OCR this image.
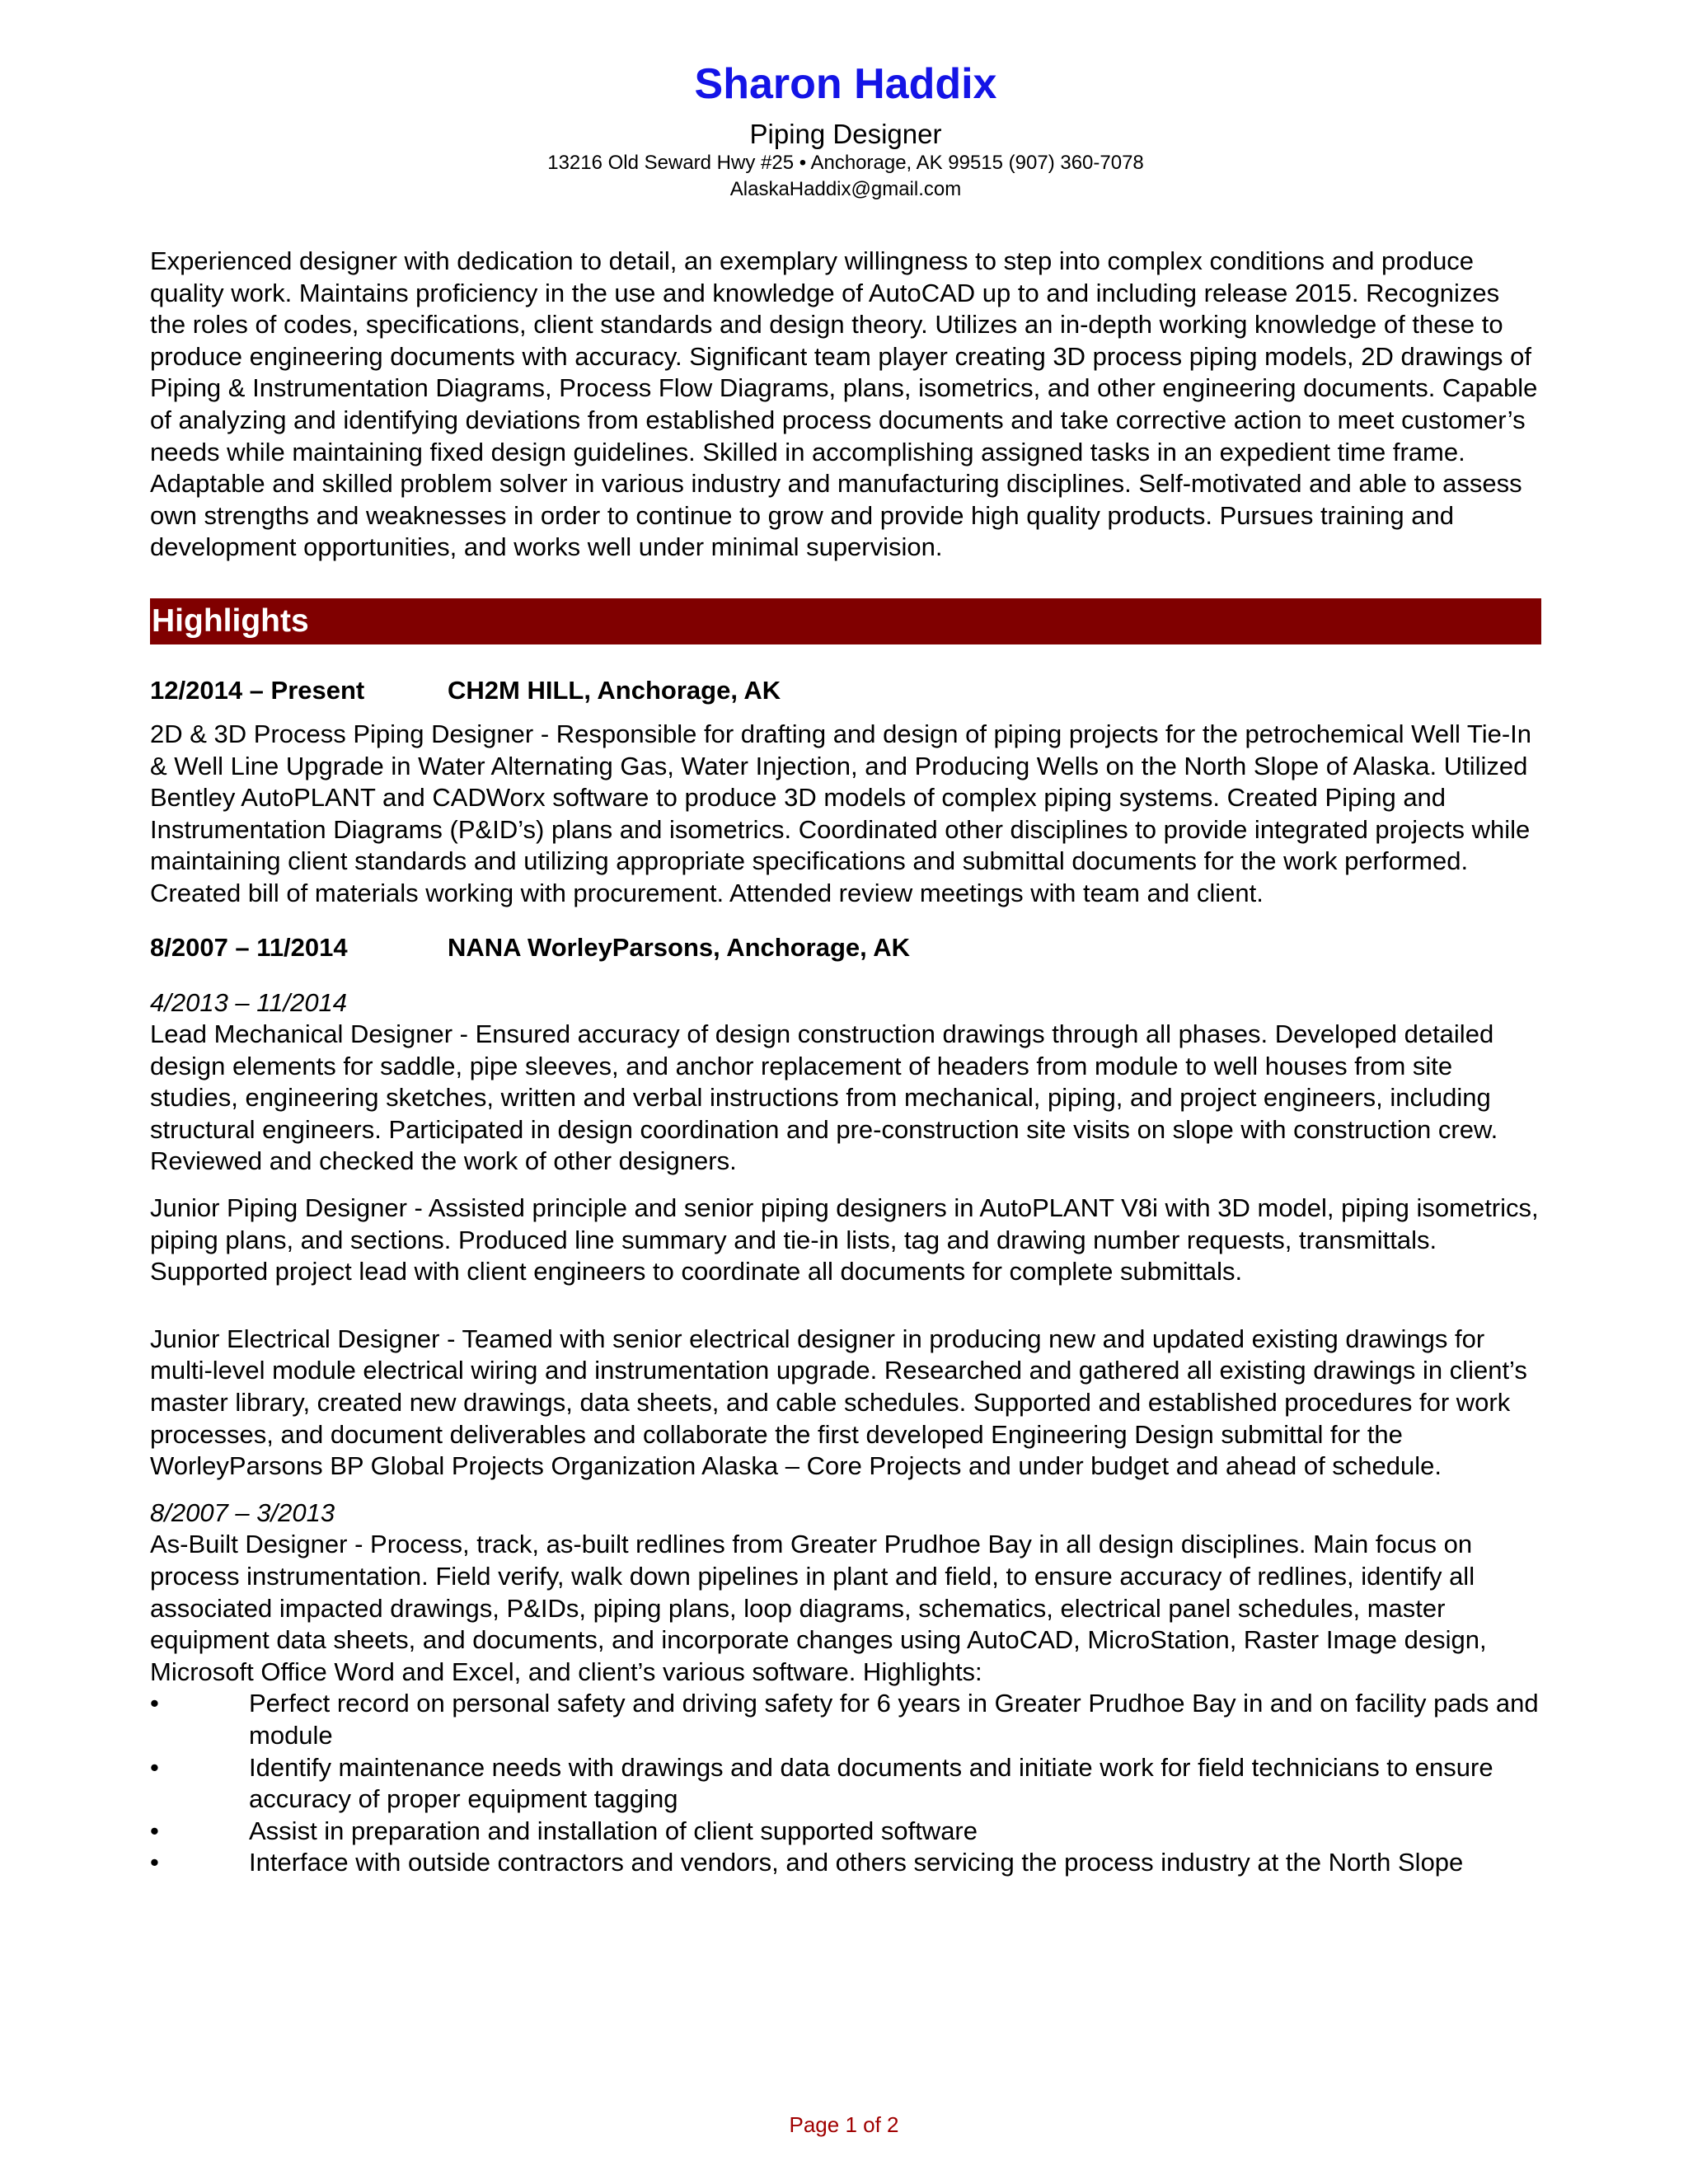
Sharon Haddix

Piping Designer

13216 Old Seward Hwy #25 • Anchorage, AK 99515 (907) 360-7078

AlaskaHaddix@gmail.com

Experienced designer with dedication to detail, an exemplary willingness to step into complex conditions and produce quality work. Maintains proficiency in the use and knowledge of AutoCAD up to and including release 2015. Recognizes the roles of codes, specifications, client standards and design theory. Utilizes an in-depth working knowledge of these to produce engineering documents with accuracy. Significant team player creating 3D process piping models, 2D drawings of Piping & Instrumentation Diagrams, Process Flow Diagrams, plans, isometrics, and other engineering documents. Capable of analyzing and identifying deviations from established process documents and take corrective action to meet customer’s needs while maintaining fixed design guidelines. Skilled in accomplishing assigned tasks in an expedient time frame. Adaptable and skilled problem solver in various industry and manufacturing disciplines. Self-motivated and able to assess own strengths and weaknesses in order to continue to grow and provide high quality products. Pursues training and development opportunities, and works well under minimal supervision.

Highlights
12/2014 – Present	CH2M HILL, Anchorage, AK

2D & 3D Process Piping Designer - Responsible for drafting and design of piping projects for the petrochemical Well Tie-In & Well Line Upgrade in Water Alternating Gas, Water Injection, and Producing Wells on the North Slope of Alaska. Utilized Bentley AutoPLANT and CADWorx software to produce 3D models of complex piping systems. Created Piping and Instrumentation Diagrams (P&ID’s) plans and isometrics. Coordinated other disciplines to provide integrated projects while maintaining client standards and utilizing appropriate specifications and submittal documents for the work performed. Created bill of materials working with procurement. Attended review meetings with team and client.

8/2007 – 11/2014	NANA WorleyParsons, Anchorage, AK
4/2013 – 11/2014

Lead Mechanical Designer - Ensured accuracy of design construction drawings through all phases. Developed detailed design elements for saddle, pipe sleeves, and anchor replacement of headers from module to well houses from site studies, engineering sketches, written and verbal instructions from mechanical, piping, and project engineers, including structural engineers. Participated in design coordination and pre-construction site visits on slope with construction crew. Reviewed and checked the work of other designers.

Junior Piping Designer - Assisted principle and senior piping designers in AutoPLANT V8i with 3D model, piping isometrics, piping plans, and sections. Produced line summary and tie-in lists, tag and drawing number requests, transmittals. Supported project lead with client engineers to coordinate all documents for complete submittals.

Junior Electrical Designer - Teamed with senior electrical designer in producing new and updated existing drawings for multi-level module electrical wiring and instrumentation upgrade. Researched and gathered all existing drawings in client’s master library, created new drawings, data sheets, and cable schedules. Supported and established procedures for work processes, and document deliverables and collaborate the first developed Engineering Design submittal for the WorleyParsons BP Global Projects Organization Alaska – Core Projects and under budget and ahead of schedule.

8/2007 – 3/2013

As-Built Designer - Process, track, as-built redlines from Greater Prudhoe Bay in all design disciplines. Main focus on process instrumentation. Field verify, walk down pipelines in plant and field, to ensure accuracy of redlines, identify all associated impacted drawings, P&IDs, piping plans, loop diagrams, schematics, electrical panel schedules, master equipment data sheets, and documents, and incorporate changes using AutoCAD, MicroStation, Raster Image design, Microsoft Office Word and Excel, and client’s various software. Highlights:

•	Perfect record on personal safety and driving safety for 6 years in Greater Prudhoe Bay in and on facility pads and module
•	Identify maintenance needs with drawings and data documents and initiate work for field technicians to ensure accuracy of proper equipment tagging
•	Assist in preparation and installation of client supported software
•	Interface with outside contractors and vendors, and others servicing the process industry at the North Slope
Page 1 of 2
